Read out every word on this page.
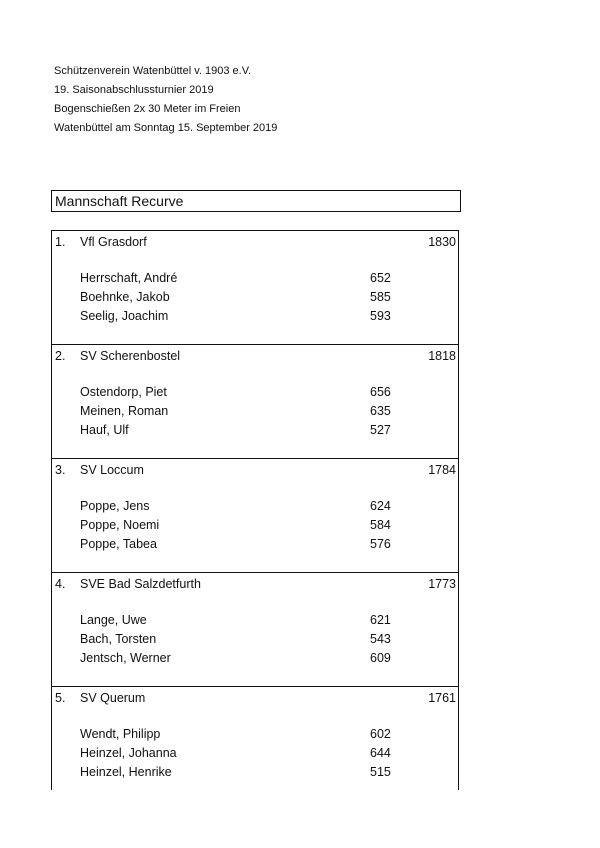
Schützenverein Watenbüttel v. 1903 e.V.
19. Saisonabschlussturnier 2019
Bogenschießen 2x 30 Meter im Freien
Watenbüttel am Sonntag 15. September 2019
Mannschaft Recurve
1. Vfl Grasdorf	1830
Herrschaft, André	652
Boehnke, Jakob	585
Seelig, Joachim	593
2. SV Scherenbostel	1818
Ostendorp, Piet	656
Meinen, Roman	635
Hauf, Ulf	527
3. SV Loccum	1784
Poppe, Jens	624
Poppe, Noemi	584
Poppe, Tabea	576
4. SVE Bad Salzdetfurth	1773
Lange, Uwe	621
Bach, Torsten	543
Jentsch, Werner	609
5. SV Querum	1761
Wendt, Philipp	602
Heinzel, Johanna	644
Heinzel, Henrike	515
